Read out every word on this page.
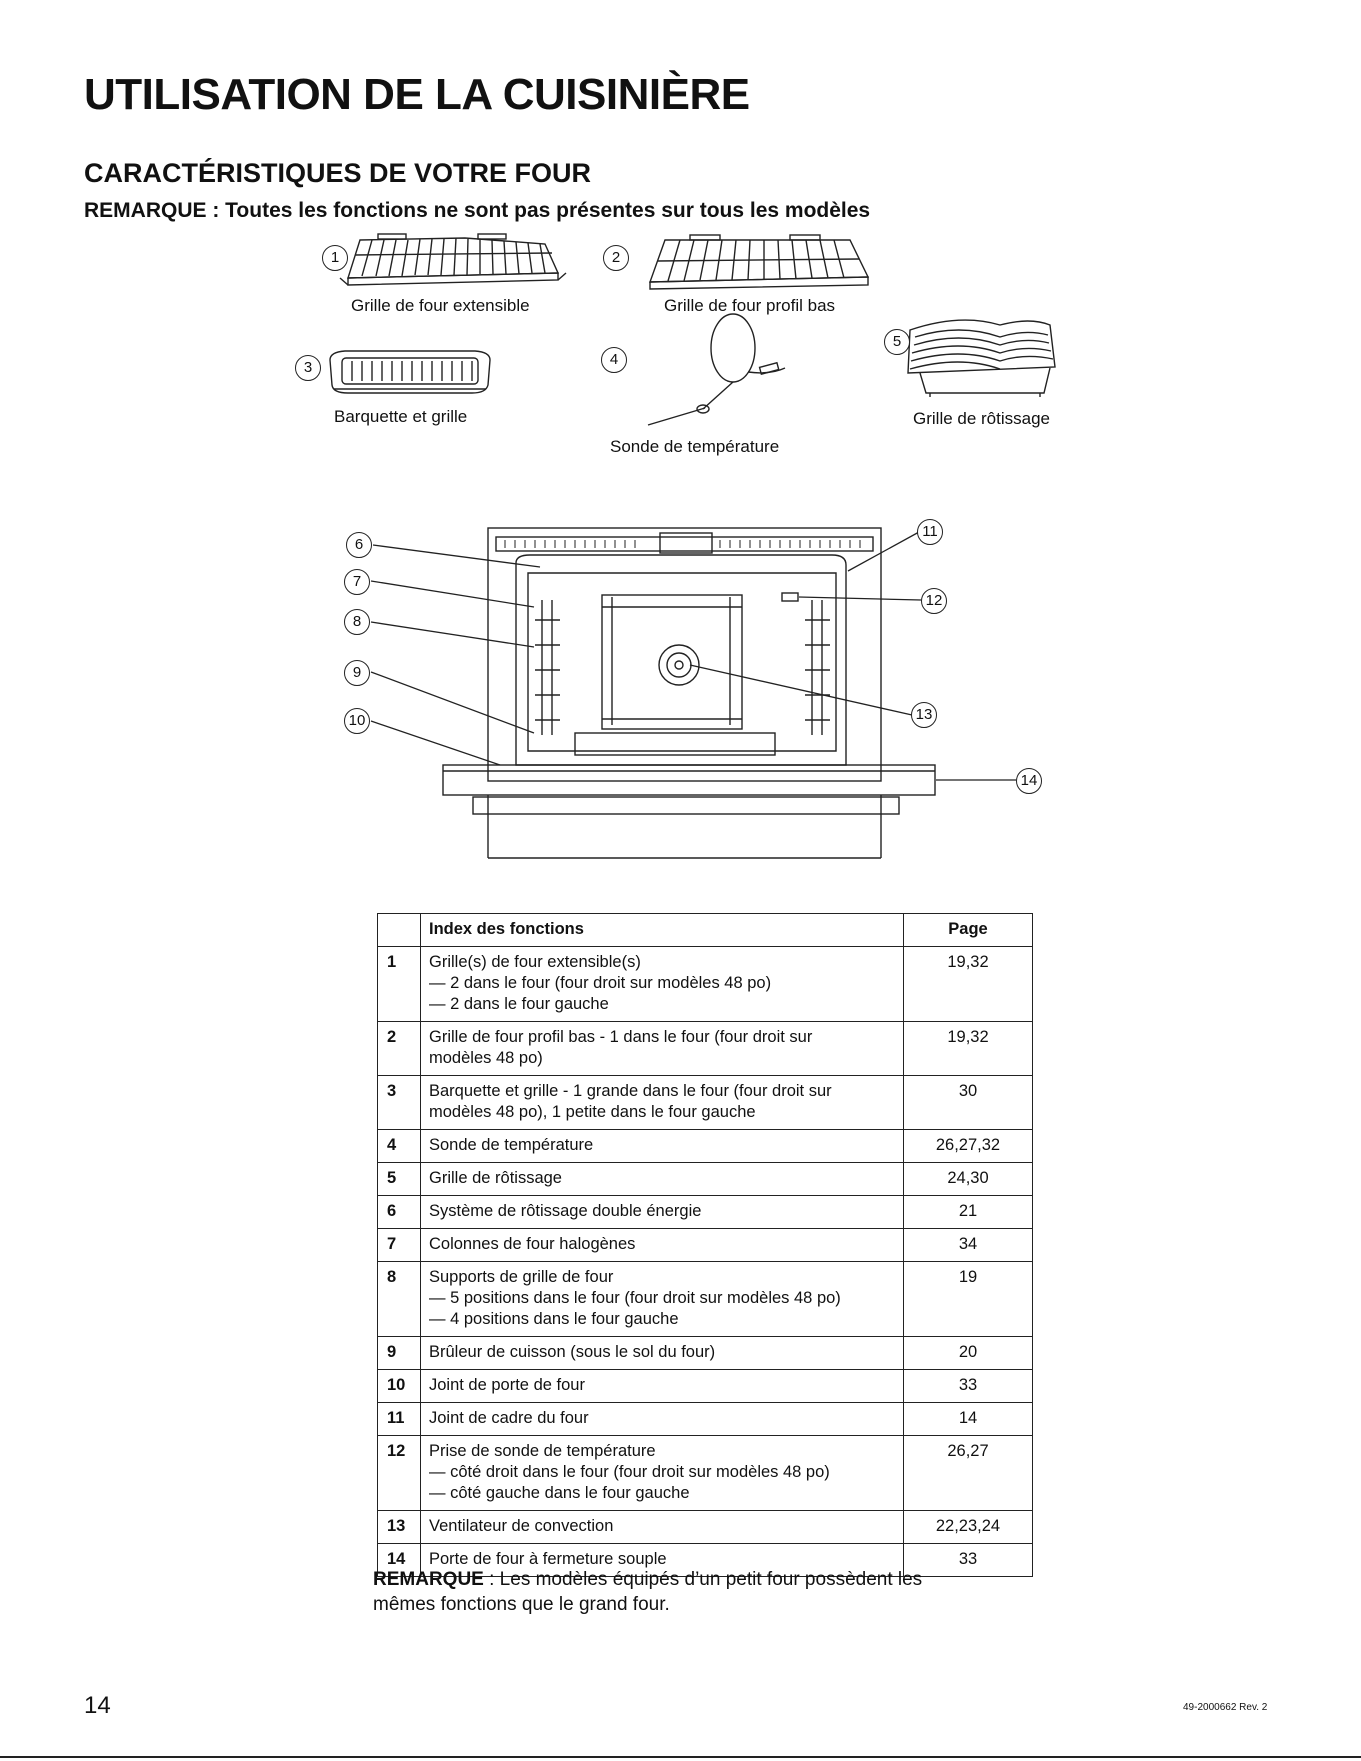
UTILISATION DE LA CUISINIÈRE
CARACTÉRISTIQUES DE VOTRE FOUR

REMARQUE : Toutes les fonctions ne sont pas présentes sur tous les modèles

1
Grille de four extensible
2
Grille de four profil bas
3
Barquette et grille
4
Sonde de température
5
Grille de rôtissage
6
7
8
9
10
11
12
13
14
	Index des fonctions	Page
1	Grille(s) de four extensible(s)
— 2 dans le four (four droit sur modèles 48 po)
— 2 dans le four gauche	19,32
2	Grille de four profil bas - 1 dans le four (four droit sur
modèles 48 po)	19,32
3	Barquette et grille - 1 grande dans le four (four droit sur
modèles 48 po), 1 petite dans le four gauche	30
4	Sonde de température	26,27,32
5	Grille de rôtissage	24,30
6	Système de rôtissage double énergie	21
7	Colonnes de four halogènes	34
8	Supports de grille de four
— 5 positions dans le four (four droit sur modèles 48 po)
— 4 positions dans le four gauche	19
9	Brûleur de cuisson (sous le sol du four)	20
10	Joint de porte de four	33
11	Joint de cadre du four	14
12	Prise de sonde de température
— côté droit dans le four (four droit sur modèles 48 po)
— côté gauche dans le four gauche	26,27
13	Ventilateur de convection	22,23,24
14	Porte de four à fermeture souple	33

REMARQUE : Les modèles équipés d’un petit four possèdent les mêmes fonctions que le grand four.

14	49-2000662 Rev. 2
